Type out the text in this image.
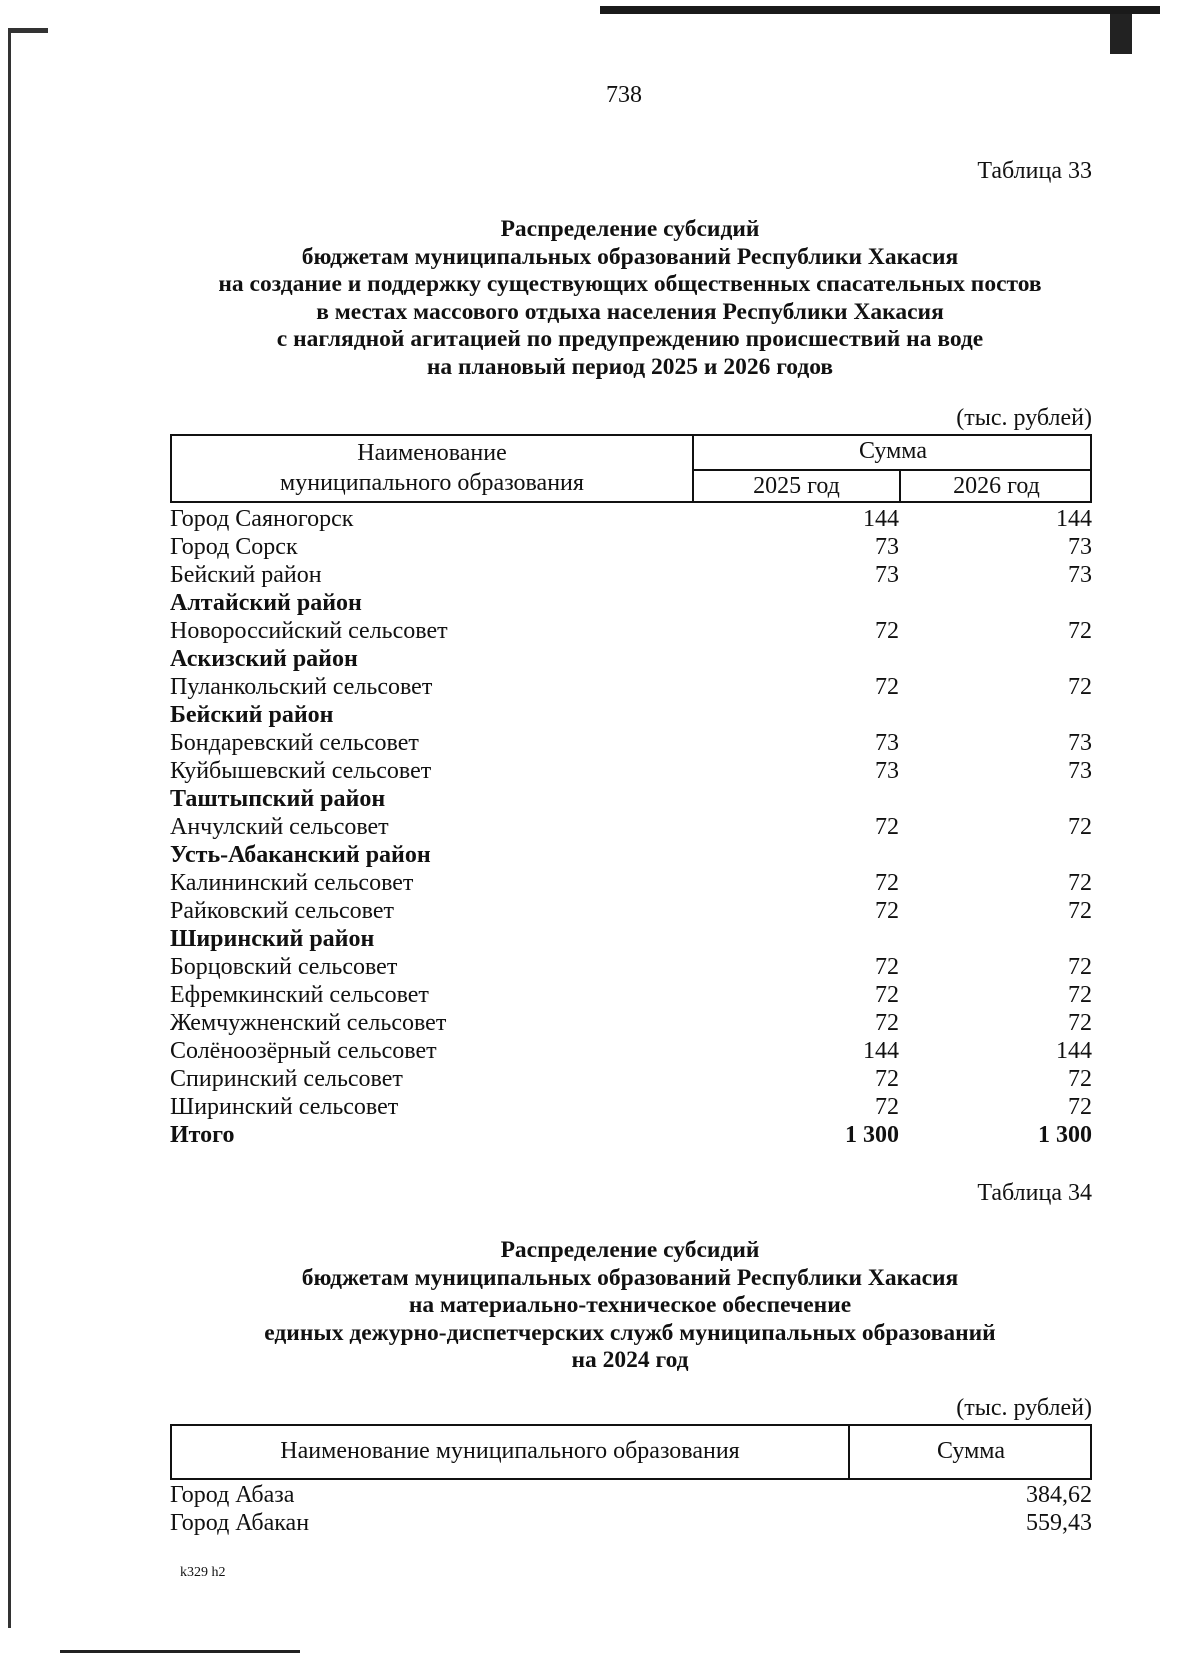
738
Таблица 33
Распределение субсидий
бюджетам муниципальных образований Республики Хакасия
на создание и поддержку существующих общественных спасательных постов
в местах массового отдыха населения Республики Хакасия
с наглядной агитацией по предупреждению происшествий на воде
на плановый период 2025 и 2026 годов
(тыс. рублей)
Наименование
муниципального образования
Сумма
2025 год	2026 год
Город Саяногорск	144	144
Город Сорск	73	73
Бейский район	73	73
Алтайский район
Новороссийский сельсовет	72	72
Аскизский район
Пуланкольский сельсовет	72	72
Бейский район
Бондаревский сельсовет	73	73
Куйбышевский сельсовет	73	73
Таштыпский район
Анчулский сельсовет	72	72
Усть-Абаканский район
Калининский сельсовет	72	72
Райковский сельсовет	72	72
Ширинский район
Борцовский сельсовет	72	72
Ефремкинский сельсовет	72	72
Жемчужненский сельсовет	72	72
Солёноозёрный сельсовет	144	144
Спиринский сельсовет	72	72
Ширинский сельсовет	72	72
Итого	1 300	1 300
Таблица 34
Распределение субсидий
бюджетам муниципальных образований Республики Хакасия
на материально-техническое обеспечение
единых дежурно-диспетчерских служб муниципальных образований
на 2024 год
(тыс. рублей)
Наименование муниципального образования	Сумма
Город Абаза	384,62
Город Абакан	559,43
k329 h2
